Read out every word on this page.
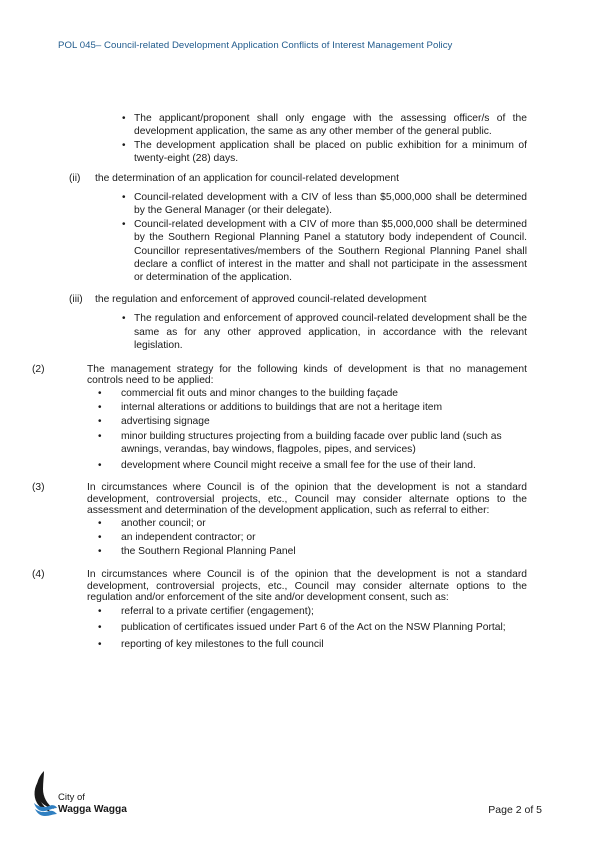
POL 045– Council-related Development Application Conflicts of Interest Management Policy
• The applicant/proponent shall only engage with the assessing officer/s of the development application, the same as any other member of the general public.
• The development application shall be placed on public exhibition for a minimum of twenty-eight (28) days.
(ii) the determination of an application for council-related development
• Council-related development with a CIV of less than $5,000,000 shall be determined by the General Manager (or their delegate).
• Council-related development with a CIV of more than $5,000,000 shall be determined by the Southern Regional Planning Panel a statutory body independent of Council. Councillor representatives/members of the Southern Regional Planning Panel shall declare a conflict of interest in the matter and shall not participate in the assessment or determination of the application.
(iii) the regulation and enforcement of approved council-related development
• The regulation and enforcement of approved council-related development shall be the same as for any other approved application, in accordance with the relevant legislation.
(2)	The management strategy for the following kinds of development is that no management controls need to be applied:
• commercial fit outs and minor changes to the building façade
• internal alterations or additions to buildings that are not a heritage item
• advertising signage
• minor building structures projecting from a building facade over public land (such as awnings, verandas, bay windows, flagpoles, pipes, and services)
• development where Council might receive a small fee for the use of their land.
(3)	In circumstances where Council is of the opinion that the development is not a standard development, controversial projects, etc., Council may consider alternate options to the assessment and determination of the development application, such as referral to either:
• another council; or
• an independent contractor; or
• the Southern Regional Planning Panel
(4)	In circumstances where Council is of the opinion that the development is not a standard development, controversial projects, etc., Council may consider alternate options to the regulation and/or enforcement of the site and/or development consent, such as:
• referral to a private certifier (engagement);
• publication of certificates issued under Part 6 of the Act on the NSW Planning Portal;
• reporting of key milestones to the full council
City of
Wagga Wagga	Page 2 of 5
